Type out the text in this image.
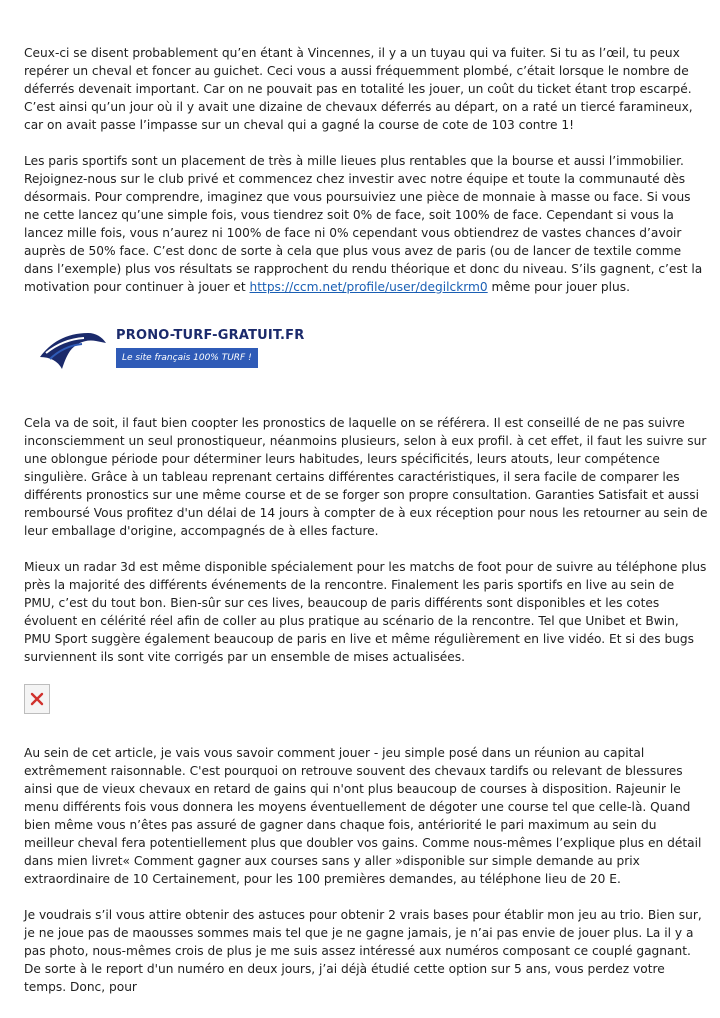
Ceux-ci se disent probablement qu’en étant à Vincennes, il y a un tuyau qui va fuiter. Si tu as l’œil, tu peux repérer un cheval et foncer au guichet. Ceci vous a aussi fréquemment plombé, c’était lorsque le nombre de déferrés devenait important. Car on ne pouvait pas en totalité les jouer, un coût du ticket étant trop escarpé. C’est ainsi qu’un jour où il y avait une dizaine de chevaux déferrés au départ, on a raté un tiercé faramineux, car on avait passe l’impasse sur un cheval qui a gagné la course de cote de 103 contre 1!

Les paris sportifs sont un placement de très à mille lieues plus rentables que la bourse et aussi l’immobilier. Rejoignez-nous sur le club privé et commencez chez investir avec notre équipe et toute la communauté dès désormais. Pour comprendre, imaginez que vous poursuiviez une pièce de monnaie à masse ou face. Si vous ne cette lancez qu’une simple fois, vous tiendrez soit 0% de face, soit 100% de face. Cependant si vous la lancez mille fois, vous n’aurez ni 100% de face ni 0% cependant vous obtiendrez de vastes chances d’avoir auprès de 50% face. C’est donc de sorte à cela que plus vous avez de paris (ou de lancer de textile comme dans l’exemple) plus vos résultats se rapprochent du rendu théorique et donc du niveau. S’ils gagnent, c’est la motivation pour continuer à jouer et https://ccm.net/profile/user/degilckrm0 même pour jouer plus.

PRONO-TURF-GRATUIT.FR
Le site français 100% TURF !

Cela va de soit, il faut bien coopter les pronostics de laquelle on se référera. Il est conseillé de ne pas suivre inconsciemment un seul pronostiqueur, néanmoins plusieurs, selon à eux profil. à cet effet, il faut les suivre sur une oblongue période pour déterminer leurs habitudes, leurs spécificités, leurs atouts, leur compétence singulière. Grâce à un tableau reprenant certains différentes caractéristiques, il sera facile de comparer les différents pronostics sur une même course et de se forger son propre consultation. Garanties Satisfait et aussi remboursé Vous profitez d'un délai de 14 jours à compter de à eux réception pour nous les retourner au sein de leur emballage d'origine, accompagnés de à elles facture.

Mieux un radar 3d est même disponible spécialement pour les matchs de foot pour de suivre au téléphone plus près la majorité des différents événements de la rencontre. Finalement les paris sportifs en live au sein de PMU, c’est du tout bon. Bien-sûr sur ces lives, beaucoup de paris différents sont disponibles et les cotes évoluent en célérité réel afin de coller au plus pratique au scénario de la rencontre. Tel que Unibet et Bwin, PMU Sport suggère également beaucoup de paris en live et même régulièrement en live vidéo. Et si des bugs surviennent ils sont vite corrigés par un ensemble de mises actualisées.

Au sein de cet article, je vais vous savoir comment jouer - jeu simple posé dans un réunion au capital extrêmement raisonnable. C'est pourquoi on retrouve souvent des chevaux tardifs ou relevant de blessures ainsi que de vieux chevaux en retard de gains qui n'ont plus beaucoup de courses à disposition. Rajeunir le menu différents fois vous donnera les moyens éventuellement de dégoter une course tel que celle-là. Quand bien même vous n’êtes pas assuré de gagner dans chaque fois, antériorité le pari maximum au sein du meilleur cheval fera potentiellement plus que doubler vos gains. Comme nous-mêmes l’explique plus en détail dans mien livret« Comment gagner aux courses sans y aller »disponible sur simple demande au prix extraordinaire de 10 Certainement, pour les 100 premières demandes, au téléphone lieu de 20 E.

Je voudrais s’il vous attire obtenir des astuces pour obtenir 2 vrais bases pour établir mon jeu au trio. Bien sur, je ne joue pas de maousses sommes mais tel que je ne gagne jamais, je n’ai pas envie de jouer plus. La il y a pas photo, nous-mêmes crois de plus je me suis assez intéressé aux numéros composant ce couplé gagnant. De sorte à le report d'un numéro en deux jours, j’ai déjà étudié cette option sur 5 ans, vous perdez votre temps. Donc, pour
